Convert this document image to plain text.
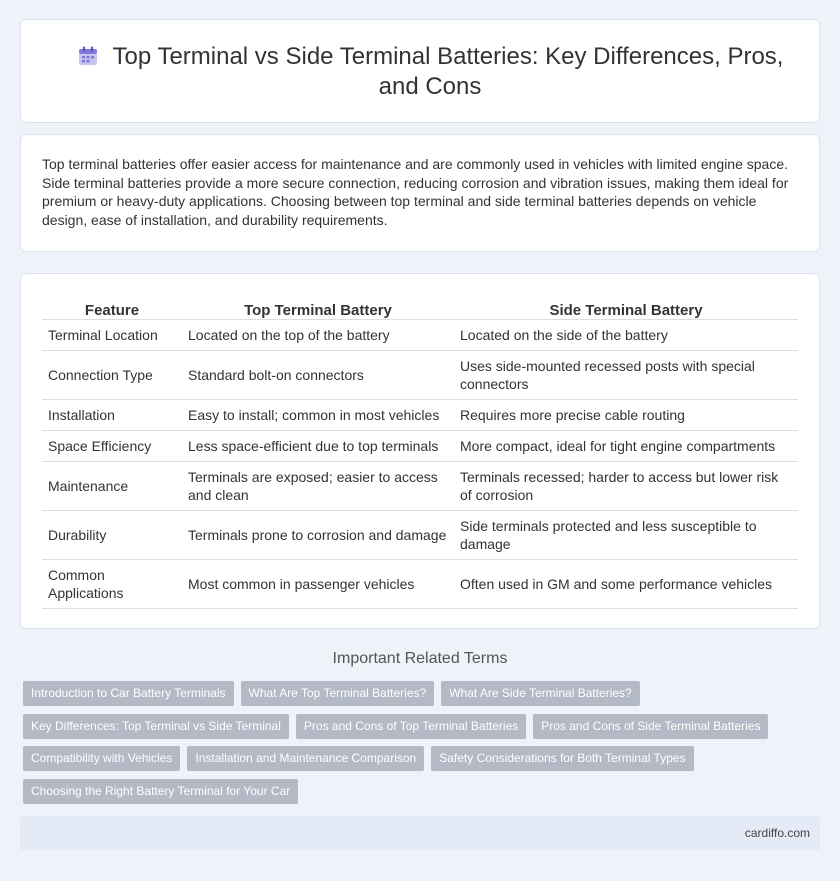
Top Terminal vs Side Terminal Batteries: Key Differences, Pros, and Cons

Top terminal batteries offer easier access for maintenance and are commonly used in vehicles with limited engine space. Side terminal batteries provide a more secure connection, reducing corrosion and vibration issues, making them ideal for premium or heavy-duty applications. Choosing between top terminal and side terminal batteries depends on vehicle design, ease of installation, and durability requirements.

Feature	Top Terminal Battery	Side Terminal Battery
Terminal Location	Located on the top of the battery	Located on the side of the battery
Connection Type	Standard bolt-on connectors	Uses side-mounted recessed posts with special connectors
Installation	Easy to install; common in most vehicles	Requires more precise cable routing
Space Efficiency	Less space-efficient due to top terminals	More compact, ideal for tight engine compartments
Maintenance	Terminals are exposed; easier to access and clean	Terminals recessed; harder to access but lower risk of corrosion
Durability	Terminals prone to corrosion and damage	Side terminals protected and less susceptible to damage
Common Applications	Most common in passenger vehicles	Often used in GM and some performance vehicles
Important Related Terms
Introduction to Car Battery Terminals	What Are Top Terminal Batteries?	What Are Side Terminal Batteries?
Key Differences: Top Terminal vs Side Terminal	Pros and Cons of Top Terminal Batteries	Pros and Cons of Side Terminal Batteries
Compatibility with Vehicles	Installation and Maintenance Comparison	Safety Considerations for Both Terminal Types
Choosing the Right Battery Terminal for Your Car
cardiffo.com
